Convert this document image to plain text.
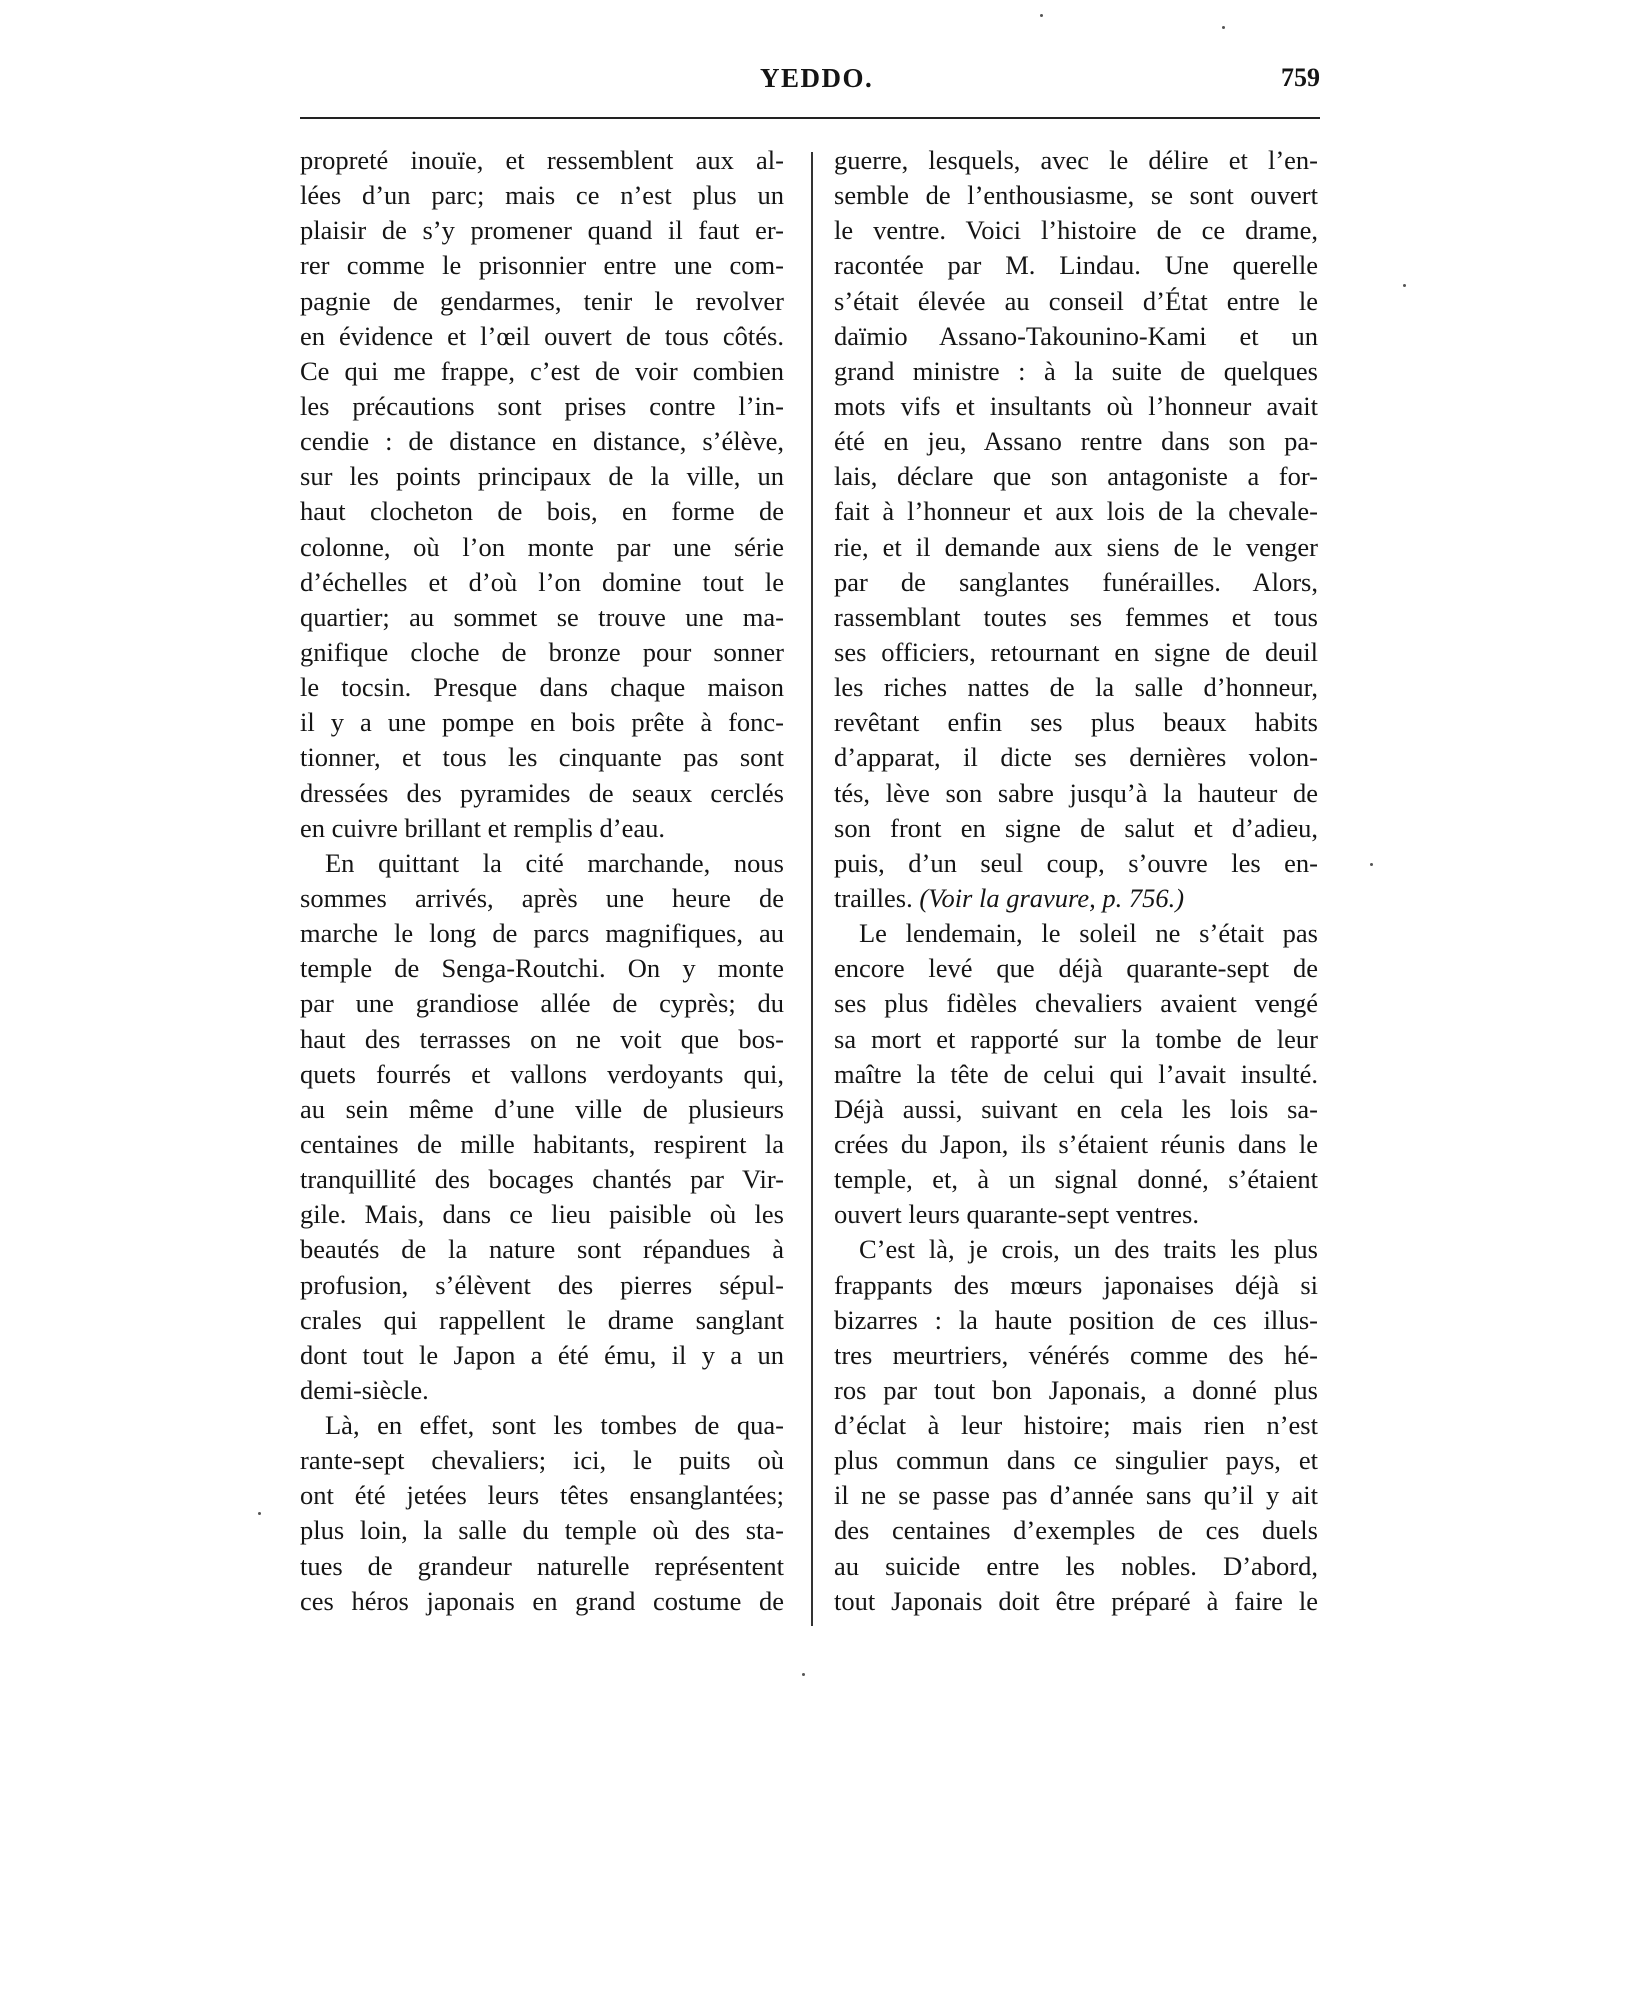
YEDDO.	759
propreté inouïe, et ressemblent aux al-
lées d’un parc; mais ce n’est plus un
plaisir de s’y promener quand il faut er-
rer comme le prisonnier entre une com-
pagnie de gendarmes, tenir le revolver
en évidence et l’œil ouvert de tous côtés.
Ce qui me frappe, c’est de voir combien
les précautions sont prises contre l’in-
cendie : de distance en distance, s’élève,
sur les points principaux de la ville, un
haut clocheton de bois, en forme de
colonne, où l’on monte par une série
d’échelles et d’où l’on domine tout le
quartier; au sommet se trouve une ma-
gnifique cloche de bronze pour sonner
le tocsin. Presque dans chaque maison
il y a une pompe en bois prête à fonc-
tionner, et tous les cinquante pas sont
dressées des pyramides de seaux cerclés
en cuivre brillant et remplis d’eau.
En quittant la cité marchande, nous
sommes arrivés, après une heure de
marche le long de parcs magnifiques, au
temple de Senga-Routchi. On y monte
par une grandiose allée de cyprès; du
haut des terrasses on ne voit que bos-
quets fourrés et vallons verdoyants qui,
au sein même d’une ville de plusieurs
centaines de mille habitants, respirent la
tranquillité des bocages chantés par Vir-
gile. Mais, dans ce lieu paisible où les
beautés de la nature sont répandues à
profusion, s’élèvent des pierres sépul-
crales qui rappellent le drame sanglant
dont tout le Japon a été ému, il y a un
demi-siècle.
Là, en effet, sont les tombes de qua-
rante-sept chevaliers; ici, le puits où
ont été jetées leurs têtes ensanglantées;
plus loin, la salle du temple où des sta-
tues de grandeur naturelle représentent
ces héros japonais en grand costume de
guerre, lesquels, avec le délire et l’en-
semble de l’enthousiasme, se sont ouvert
le ventre. Voici l’histoire de ce drame,
racontée par M. Lindau. Une querelle
s’était élevée au conseil d’État entre le
daïmio Assano-Takounino-Kami et un
grand ministre : à la suite de quelques
mots vifs et insultants où l’honneur avait
été en jeu, Assano rentre dans son pa-
lais, déclare que son antagoniste a for-
fait à l’honneur et aux lois de la chevale-
rie, et il demande aux siens de le venger
par de sanglantes funérailles. Alors,
rassemblant toutes ses femmes et tous
ses officiers, retournant en signe de deuil
les riches nattes de la salle d’honneur,
revêtant enfin ses plus beaux habits
d’apparat, il dicte ses dernières volon-
tés, lève son sabre jusqu’à la hauteur de
son front en signe de salut et d’adieu,
puis, d’un seul coup, s’ouvre les en-
trailles. (Voir la gravure, p. 756.)
Le lendemain, le soleil ne s’était pas
encore levé que déjà quarante-sept de
ses plus fidèles chevaliers avaient vengé
sa mort et rapporté sur la tombe de leur
maître la tête de celui qui l’avait insulté.
Déjà aussi, suivant en cela les lois sa-
crées du Japon, ils s’étaient réunis dans le
temple, et, à un signal donné, s’étaient
ouvert leurs quarante-sept ventres.
C’est là, je crois, un des traits les plus
frappants des mœurs japonaises déjà si
bizarres : la haute position de ces illus-
tres meurtriers, vénérés comme des hé-
ros par tout bon Japonais, a donné plus
d’éclat à leur histoire; mais rien n’est
plus commun dans ce singulier pays, et
il ne se passe pas d’année sans qu’il y ait
des centaines d’exemples de ces duels
au suicide entre les nobles. D’abord,
tout Japonais doit être préparé à faire le
